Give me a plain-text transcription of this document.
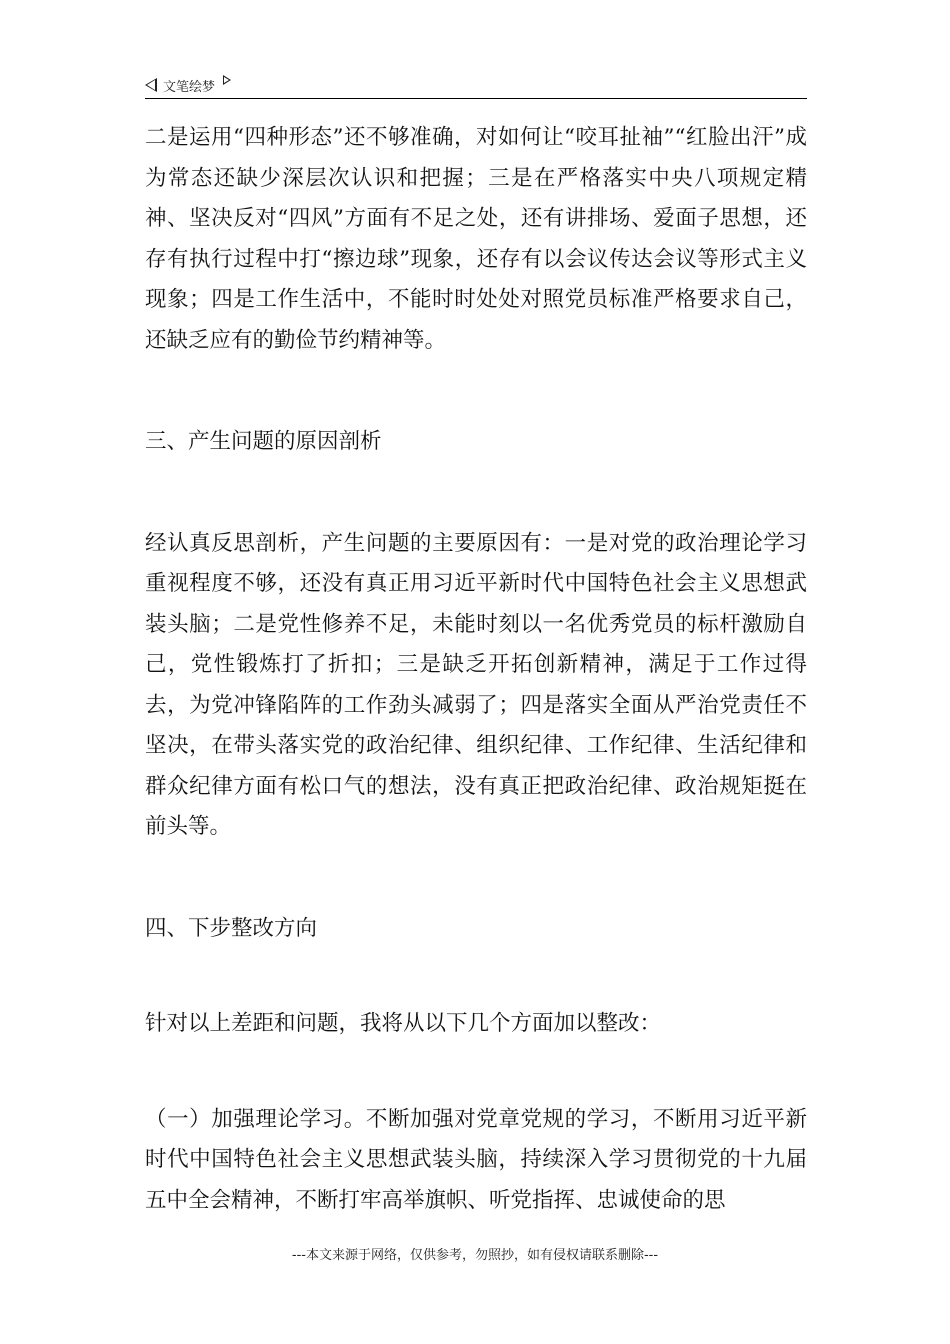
文笔绘梦

二是运用“四种形态”还不够准确，对如何让“咬耳扯袖”“红脸出汗”成为常态还缺少深层次认识和把握；三是在严格落实中央八项规定精神、坚决反对“四风”方面有不足之处，还有讲排场、爱面子思想，还存有执行过程中打“擦边球”现象，还存有以会议传达会议等形式主义现象；四是工作生活中，不能时时处处对照党员标准严格要求自己，还缺乏应有的勤俭节约精神等。

三、产生问题的原因剖析

经认真反思剖析，产生问题的主要原因有：一是对党的政治理论学习重视程度不够，还没有真正用习近平新时代中国特色社会主义思想武装头脑；二是党性修养不足，未能时刻以一名优秀党员的标杆激励自己，党性锻炼打了折扣；三是缺乏开拓创新精神，满足于工作过得去，为党冲锋陷阵的工作劲头减弱了；四是落实全面从严治党责任不坚决，在带头落实党的政治纪律、组织纪律、工作纪律、生活纪律和群众纪律方面有松口气的想法，没有真正把政治纪律、政治规矩挺在前头等。

四、下步整改方向

针对以上差距和问题，我将从以下几个方面加以整改：

（一）加强理论学习。不断加强对党章党规的学习，不断用习近平新时代中国特色社会主义思想武装头脑，持续深入学习贯彻党的十九届五中全会精神，不断打牢高举旗帜、听党指挥、忠诚使命的思

---本文来源于网络，仅供参考，勿照抄，如有侵权请联系删除---
